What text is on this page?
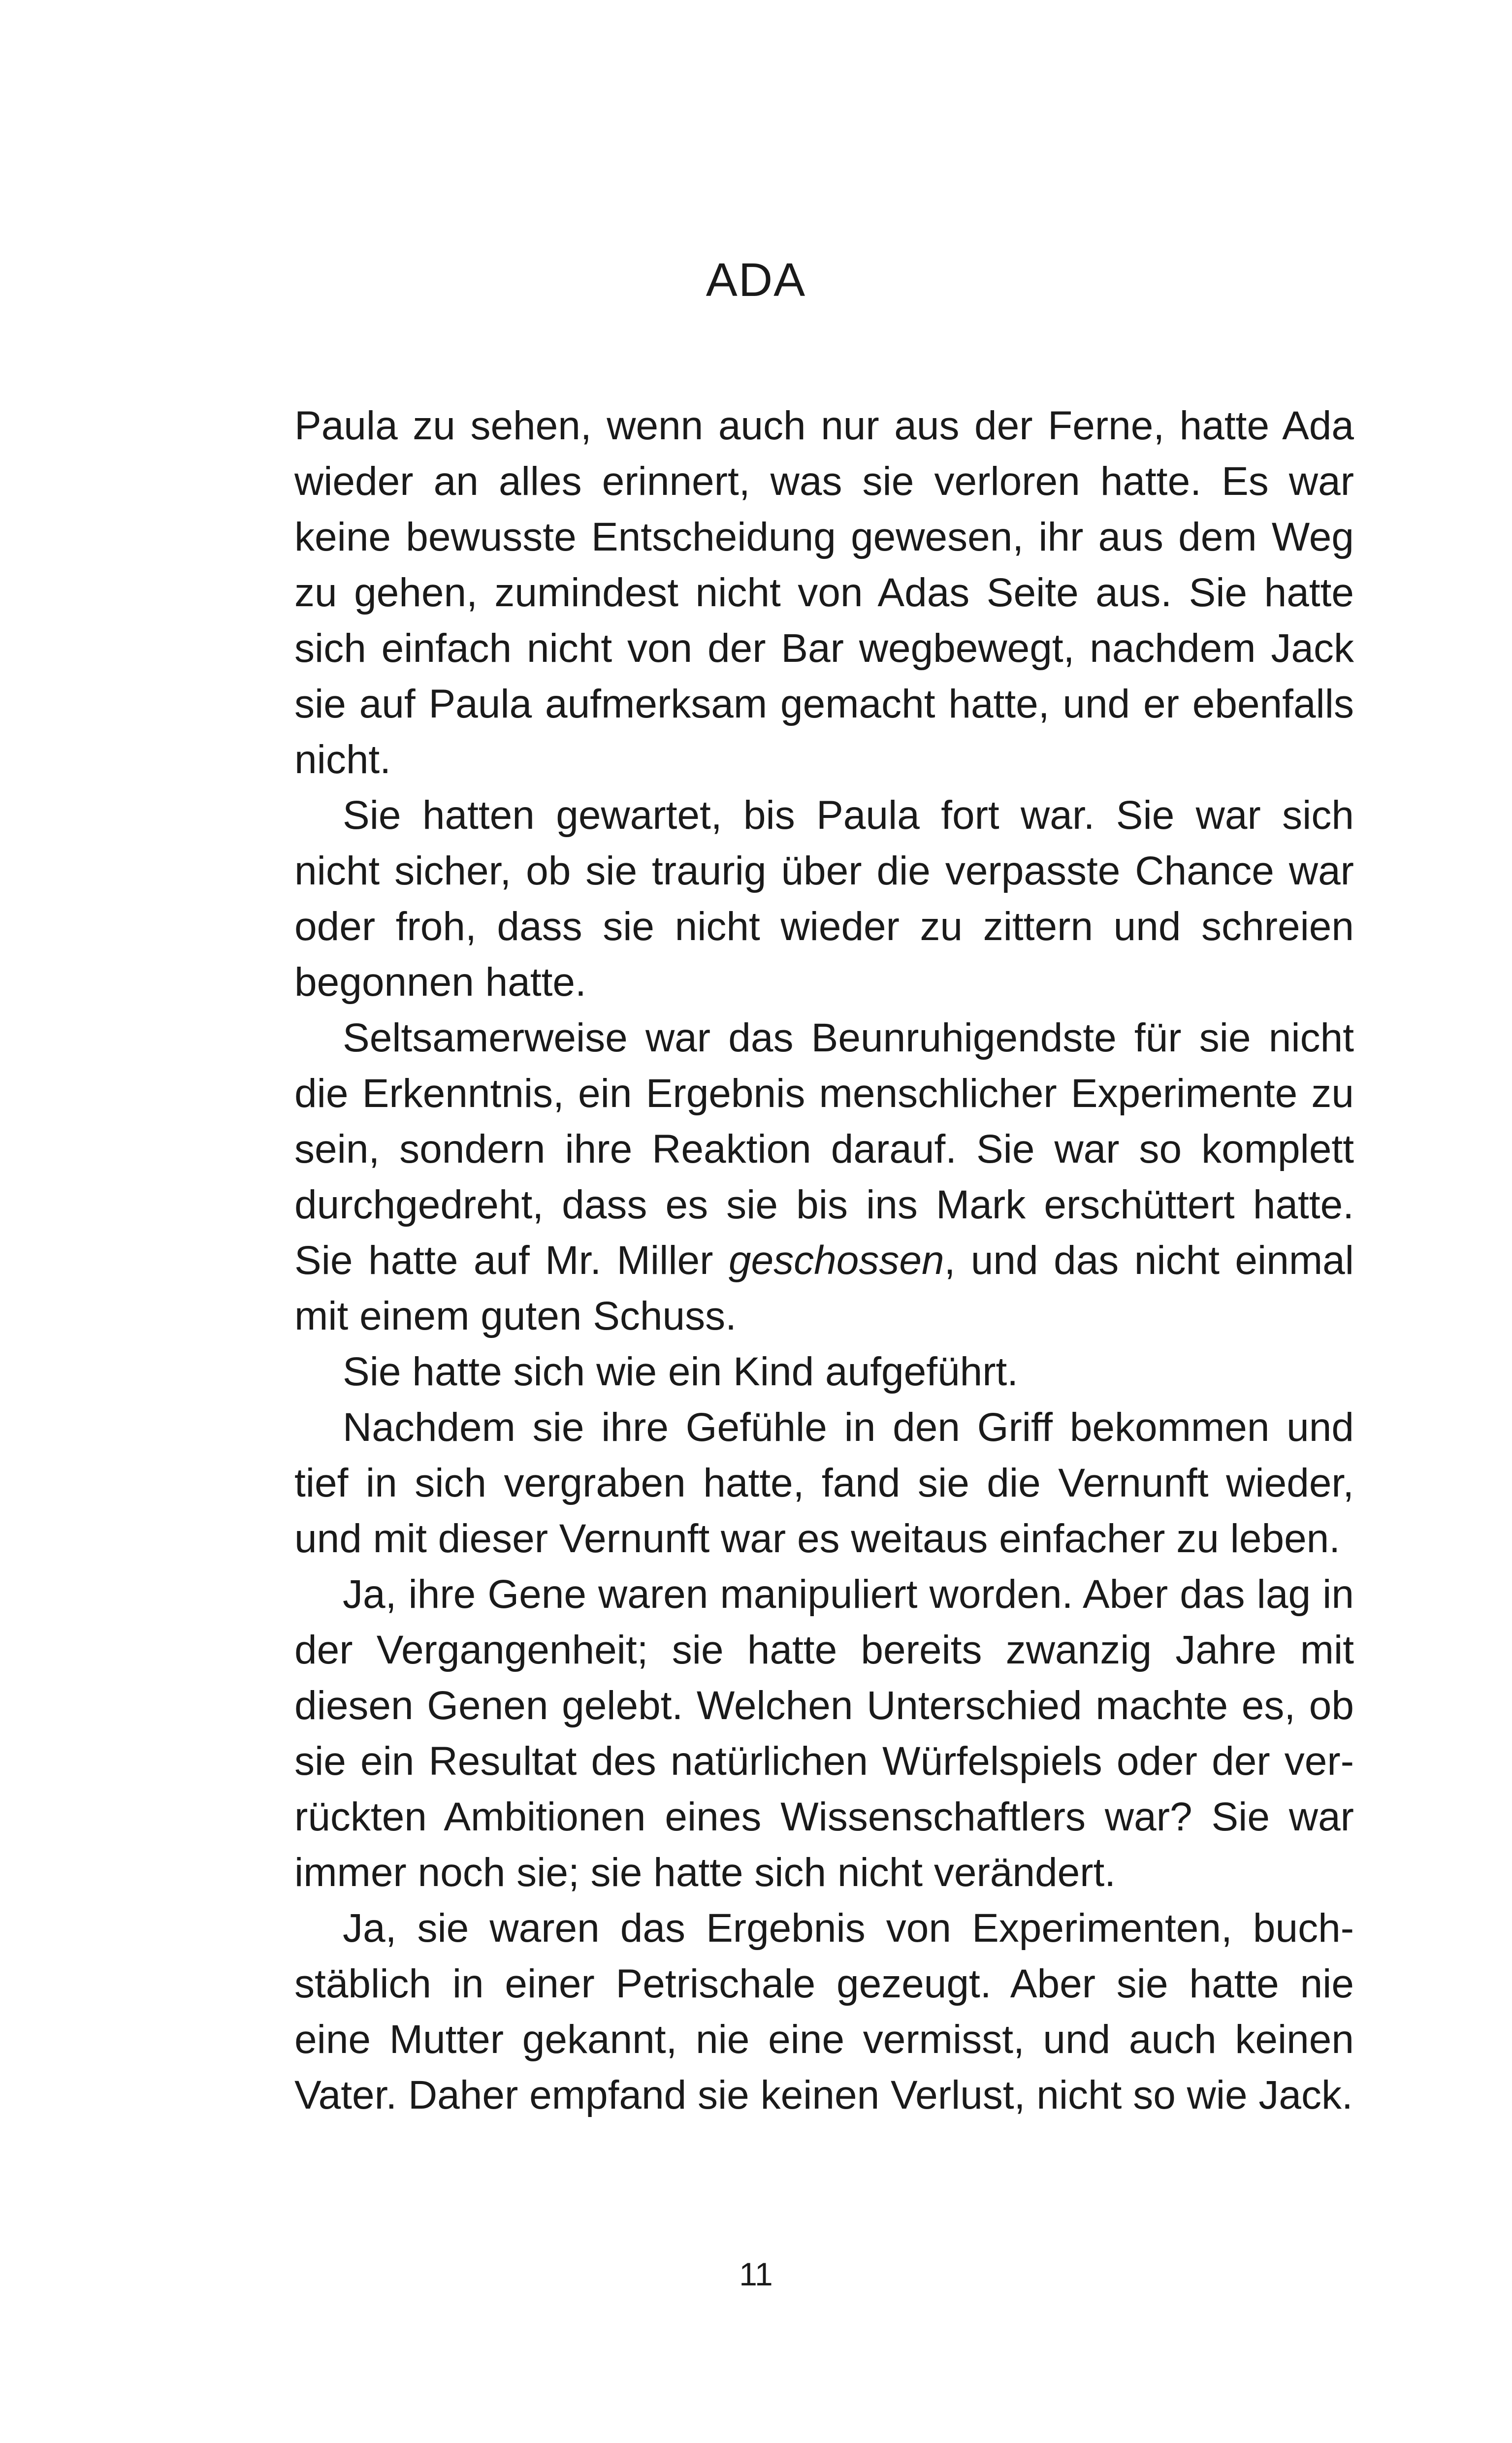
ADA

Paula zu sehen, wenn auch nur aus der Ferne, hatte Ada wieder an alles erinnert, was sie verloren hatte. Es war keine bewusste Entscheidung gewesen, ihr aus dem Weg zu gehen, zumindest nicht von Adas Seite aus. Sie hatte sich einfach nicht von der Bar wegbewegt, nachdem Jack sie auf Paula aufmerksam gemacht hatte, und er ebenfalls nicht.

Sie hatten gewartet, bis Paula fort war. Sie war sich nicht sicher, ob sie traurig über die verpasste Chance war oder froh, dass sie nicht wieder zu zittern und schreien begonnen hatte.

Seltsamerweise war das Beunruhigendste für sie nicht die Erkenntnis, ein Ergebnis menschlicher Experimente zu sein, sondern ihre Reaktion darauf. Sie war so komplett durchgedreht, dass es sie bis ins Mark erschüttert hatte. Sie hatte auf Mr. Miller geschossen, und das nicht einmal mit einem guten Schuss.

Sie hatte sich wie ein Kind aufgeführt.

Nachdem sie ihre Gefühle in den Griff bekommen und tief in sich vergraben hatte, fand sie die Vernunft wieder, und mit dieser Vernunft war es weitaus einfacher zu leben.

Ja, ihre Gene waren manipuliert worden. Aber das lag in der Vergangenheit; sie hatte bereits zwanzig Jahre mit diesen Genen gelebt. Welchen Unterschied machte es, ob sie ein Resultat des natürlichen Würfelspiels oder der verrückten Ambitionen eines Wissenschaftlers war? Sie war immer noch sie; sie hatte sich nicht verändert.

Ja, sie waren das Ergebnis von Experimenten, buchstäblich in einer Petrischale gezeugt. Aber sie hatte nie eine Mutter gekannt, nie eine vermisst, und auch keinen Vater. Daher empfand sie keinen Verlust, nicht so wie Jack.

11
